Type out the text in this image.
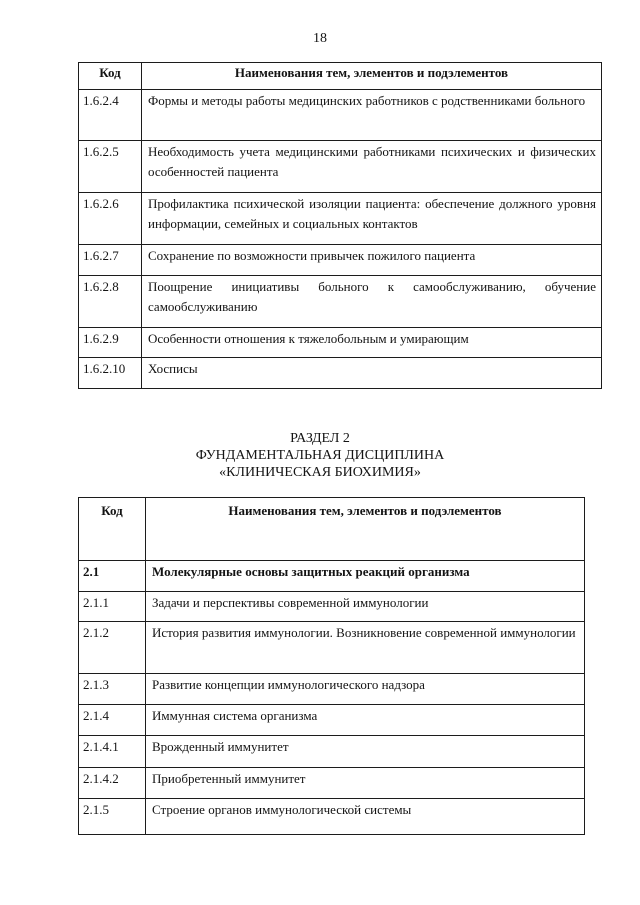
18
Код	Наименования тем, элементов и подэлементов
1.6.2.4	Формы и методы работы медицинских работников с родственниками больного
1.6.2.5	Необходимость учета медицинскими работниками психических и физических особенностей пациента
1.6.2.6	Профилактика психической изоляции пациента: обеспечение должного уровня информации, семейных и социальных контактов
1.6.2.7	Сохранение по возможности привычек пожилого пациента
1.6.2.8	Поощрение инициативы больного к самообслуживанию, обучение самообслуживанию
1.6.2.9	Особенности отношения к тяжелобольным и умирающим
1.6.2.10	Хосписы
РАЗДЕЛ 2
ФУНДАМЕНТАЛЬНАЯ ДИСЦИПЛИНА
«КЛИНИЧЕСКАЯ БИОХИМИЯ»
Код	Наименования тем, элементов и подэлементов
2.1	Молекулярные основы защитных реакций организма
2.1.1	Задачи и перспективы современной иммунологии
2.1.2	История развития иммунологии. Возникновение современной иммунологии
2.1.3	Развитие концепции иммунологического надзора
2.1.4	Иммунная система организма
2.1.4.1	Врожденный иммунитет
2.1.4.2	Приобретенный иммунитет
2.1.5	Строение органов иммунологической системы
